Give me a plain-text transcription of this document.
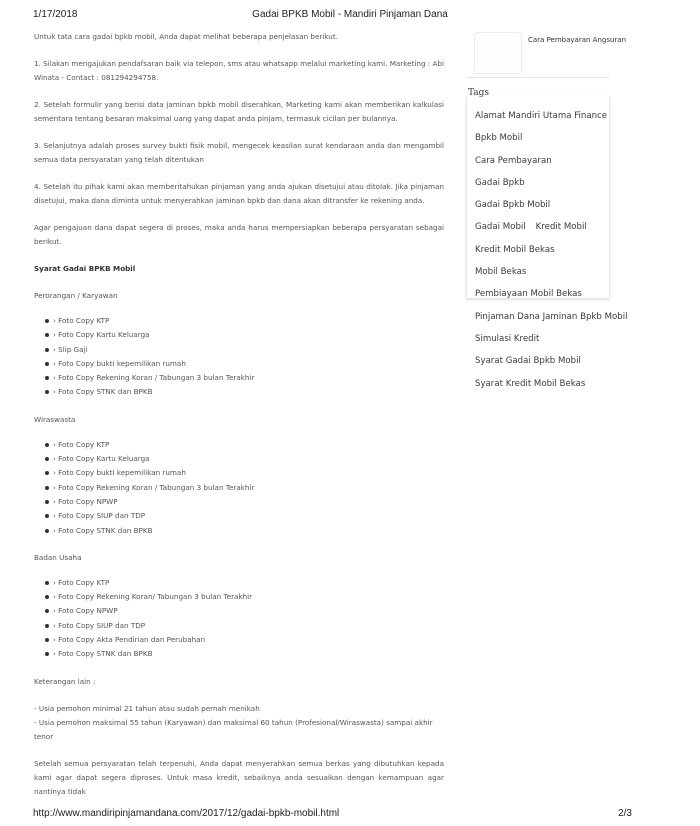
1/17/2018	Gadai BPKB Mobil - Mandiri Pinjaman Dana

Untuk tata cara gadai bpkb mobil, Anda dapat melihat beberapa penjelasan berikut.

1. Silakan mengajukan pendafsaran baik via telepon, sms atau whatsapp melalui marketing kami. Marketing : Abi Winata - Contact : 081294294758.

2. Setelah formulir yang berisi data jaminan bpkb mobil diserahkan, Marketing kami akan memberikan kalkulasi sementara tentang besaran maksimal uang yang dapat anda pinjam, termasuk cicilan per bulannya.

3. Selanjutnya adalah proses survey bukti fisik mobil, mengecek keasilan surat kendaraan anda dan mengambil semua data persyaratan yang telah ditentukan

4. Setelah itu pihak kami akan memberitahukan pinjaman yang anda ajukan disetujui atau ditolak. Jika pinjaman disetujui, maka dana diminta untuk menyerahkan jaminan bpkb dan dana akan ditransfer ke rekening anda.

Agar pengajuan dana dapat segera di proses, maka anda harus mempersiapkan beberapa persyaratan sebagai berikut.

Syarat Gadai BPKB Mobil
Perorangan / Karyawan
› Foto Copy KTP
› Foto Copy Kartu Keluarga
› Slip Gaji
› Foto Copy bukti kepemilikan rumah
› Foto Copy Rekening Koran / Tabungan 3 bulan Terakhir
› Foto Copy STNK dan BPKB
Wiraswasta
› Foto Copy KTP
› Foto Copy Kartu Keluarga
› Foto Copy bukti kepemilikan rumah
› Foto Copy Rekening Koran / Tabungan 3 bulan Terakhir
› Foto Copy NPWP
› Foto Copy SIUP dan TDP
› Foto Copy STNK dan BPKB
Badan Usaha
› Foto Copy KTP
› Foto Copy Rekening Koran/ Tabungan 3 bulan Terakhir
› Foto Copy NPWP
› Foto Copy SIUP dan TDP
› Foto Copy Akta Pendirian dan Perubahan
› Foto Copy STNK dan BPKB

Keterangan lain :

- Usia pemohon minimal 21 tahun atau sudah pernah menikah
- Usia pemohon maksimal 55 tahun (Karyawan) dan maksimal 60 tahun (Profesional/Wiraswasta) sampai akhir tenor

Setelah semua persyaratan telah terpenuhi, Anda dapat menyerahkan semua berkas yang dibutuhkan kepada kami agar dapat segera diproses. Untuk masa kredit, sebaiknya anda sesuaikan dengan kemampuan agar nantinya tidak

Cara Pembayaran Angsuran
Tags
Alamat Mandiri Utama Finance
Bpkb MobilCara Pembayaran
Gadai BpkbGadai Bpkb Mobil
Gadai Mobil Kredit Mobil
Kredit Mobil BekasMobil Bekas
Pembiayaan Mobil Bekas
Pinjaman Dana Jaminan Bpkb Mobil
Simulasi Kredit
Syarat Gadai Bpkb Mobil
Syarat Kredit Mobil Bekas
http://www.mandiripinjamandana.com/2017/12/gadai-bpkb-mobil.html	2/3
